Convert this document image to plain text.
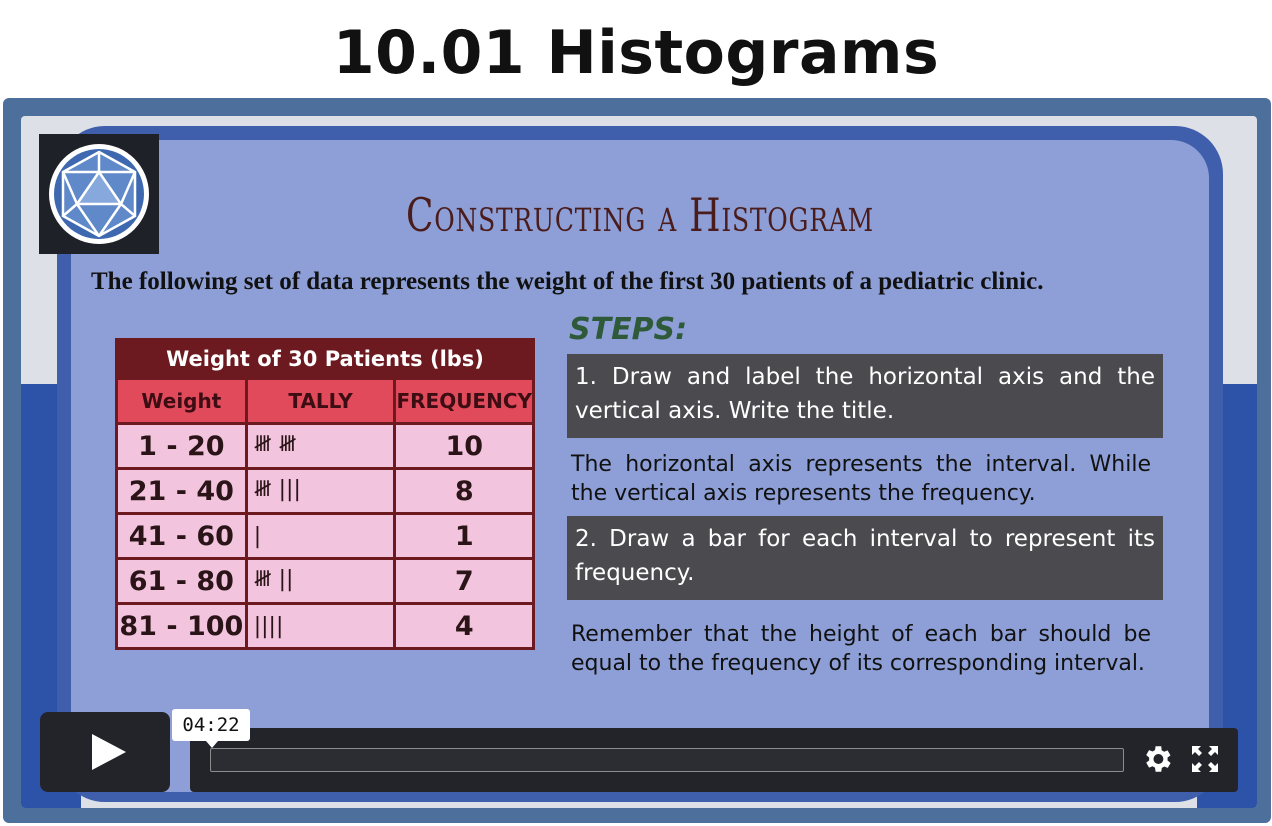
10.01 Histograms
Constructing a Histogram
The following set of data represents the weight of the first 30 patients of a pediatric clinic.
STEPS:
Weight of 30 Patients (lbs)		
Weight	TALLY	FREQUENCY
1 - 20	𝍸 𝍸	10
21 - 40	𝍸 |||	8
41 - 60	|	1
61 - 80	𝍸 ||	7
81 - 100	||||	4
1. Draw and label the horizontal axis and the vertical axis. Write the title.
The horizontal axis represents the interval. While the vertical axis represents the frequency.
2. Draw a bar for each interval to represent its frequency.
Remember that the height of each bar should be equal to the frequency of its corresponding interval.
04:22
